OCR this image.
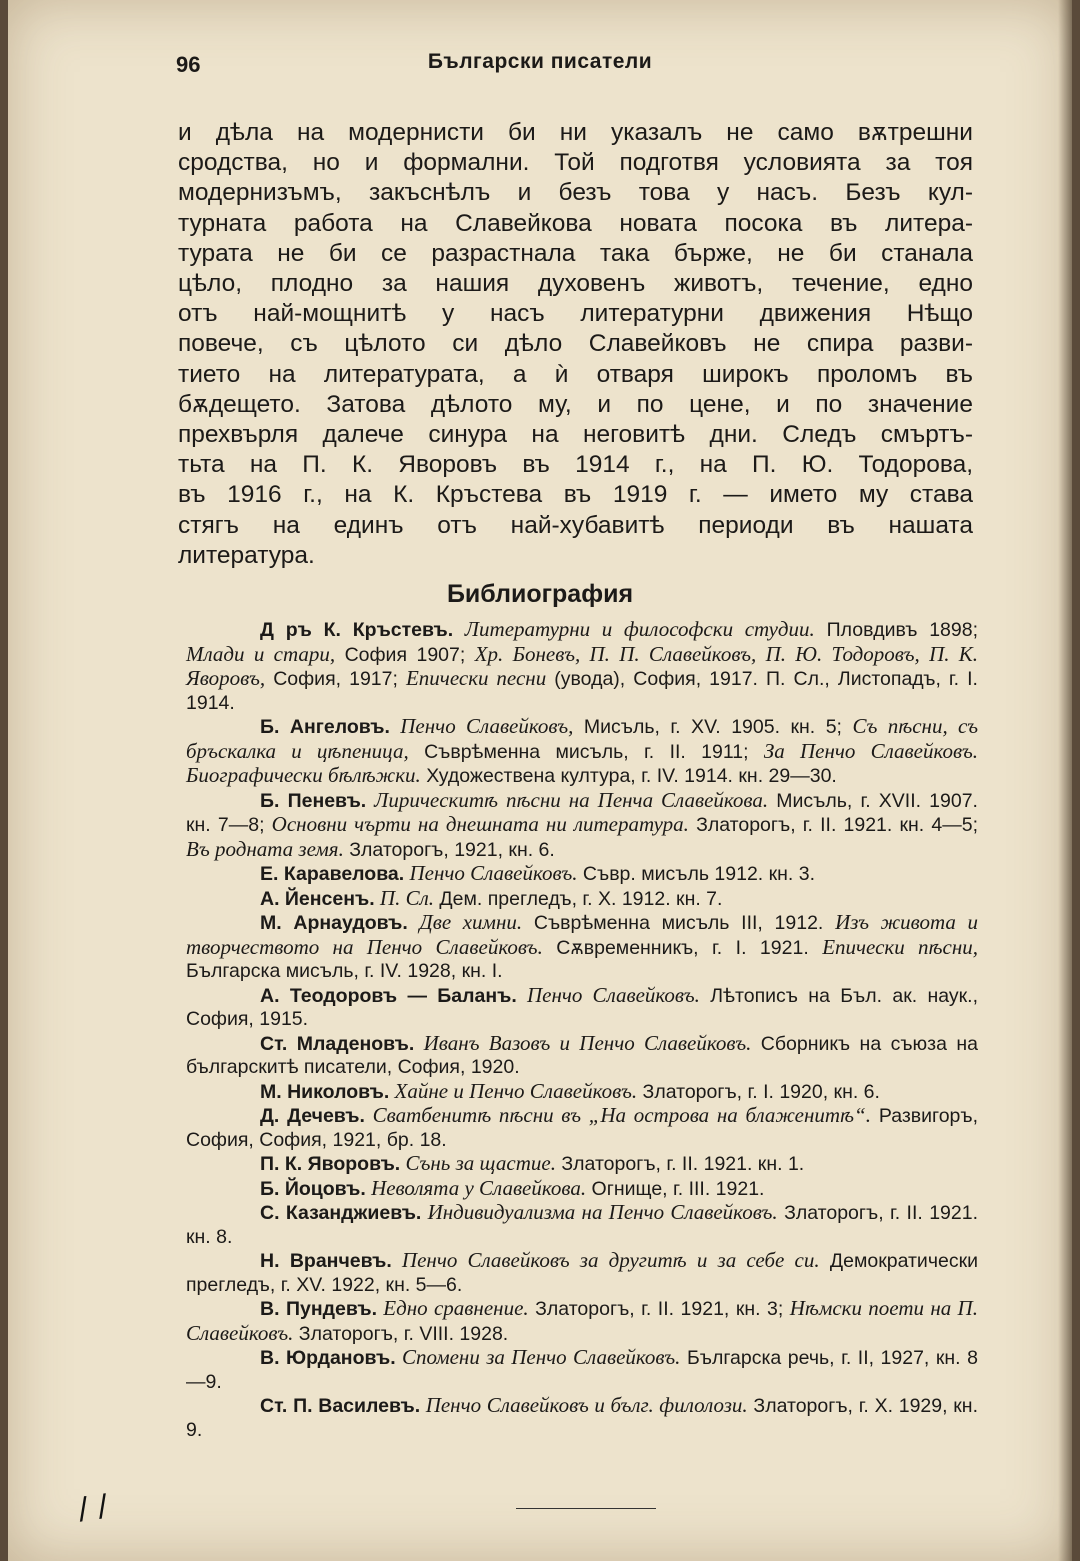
96	Български писатели
и дѣла на модернисти би ни указалъ не само вѫтрешни
сродства, но и формални. Той подготвя условията за тоя
модернизъмъ, закъснѣлъ и безъ това у насъ. Безъ кул-
турната работа на Славейкова новата посока въ литера-
турата не би се разрастнала така бърже, не би станала
цѣло, плодно за нашия духовенъ животъ, течение, едно
отъ най-мощнитѣ у насъ литературни движения Нѣщо
повече, съ цѣлото си дѣло Славейковъ не спира разви-
тието на литературата, а ѝ отваря широкъ проломъ въ
бѫдещето. Затова дѣлото му, и по цене, и по значение
прехвърля далече синура на неговитѣ дни. Следъ смъртъ-
тьта на П. К. Яворовъ въ 1914 г., на П. Ю. Тодорова,
въ 1916 г., на К. Кръстева въ 1919 г. — името му става
стягъ на единъ отъ най-хубавитѣ периоди въ нашата
литература.
Библиография
Д ръ К. Кръстевъ. Литературни и философски студии. Пловдивъ 1898; Млади и стари, София 1907; Хр. Боневъ, П. П. Славейковъ, П. Ю. Тодоровъ, П. К. Яворовъ, София, 1917; Епически песни (увода), София, 1917. П. Сл., Листопадъ, г. I. 1914.
Б. Ангеловъ. Пенчо Славейковъ, Мисъль, г. XV. 1905. кн. 5; Съ пѣсни, съ бръскалка и цѣпеница, Съврѣменна мисъль, г. II. 1911; За Пенчо Славейковъ. Биографически бѣлѣжки. Художествена култура, г. IV. 1914. кн. 29—30.
Б. Пеневъ. Лиричeскитѣ пѣсни на Пенча Славейкова. Мисъль, г. XVII. 1907. кн. 7—8; Основни чърти на днешната ни литература. Златорогъ, г. II. 1921. кн. 4—5; Въ родната земя. Златорогъ, 1921, кн. 6.
Е. Каравелова. Пенчо Славейковъ. Съвр. мисъль 1912. кн. 3.
А. Йенсенъ. П. Сл. Дем. прегледъ, г. X. 1912. кн. 7.
М. Арнаудовъ. Две химни. Съврѣменна мисъль III, 1912. Изъ живота и творчеството на Пенчо Славейковъ. Сѫвременникъ, г. I. 1921. Епически пѣсни, Българска мисъль, г. IV. 1928, кн. I.
А. Теодоровъ — Баланъ. Пенчо Славейковъ. Лѣтописъ на Бъл. ак. наук., София, 1915.
Ст. Младеновъ. Иванъ Вазовъ и Пенчо Славейковъ. Сборникъ на съюза на българскитѣ писатели, София, 1920.
М. Николовъ. Хайне и Пенчо Славейковъ. Златорогъ, г. I. 1920, кн. 6.
Д. Дечевъ. Сватбенитѣ пѣсни въ „На острова на блаженитѣ“. Развигоръ, София, София, 1921, бр. 18.
П. К. Яворовъ. Сънь за щастие. Златорогъ, г. II. 1921. кн. 1.
Б. Йоцовъ. Неволята у Славейкова. Огнище, г. III. 1921.
С. Казанджиевъ. Индивидуализма на Пенчо Славейковъ. Златорогъ, г. II. 1921. кн. 8.
Н. Врaнчевъ. Пенчо Славейковъ за другитѣ и за себе си. Демократически прегледъ, г. XV. 1922, кн. 5—6.
В. Пундевъ. Едно сравнение. Златорогъ, г. II. 1921, кн. 3; Нѣмски поети на П. Славейковъ. Златорогъ, г. VIII. 1928.
В. Юрдановъ. Спомени за Пенчо Славейковъ. Българска речь, г. II, 1927, кн. 8—9.
Ст. П. Василевъ. Пенчо Славейковъ и бълг. филолози. Златорогъ, г. X. 1929, кн. 9.
/ /
